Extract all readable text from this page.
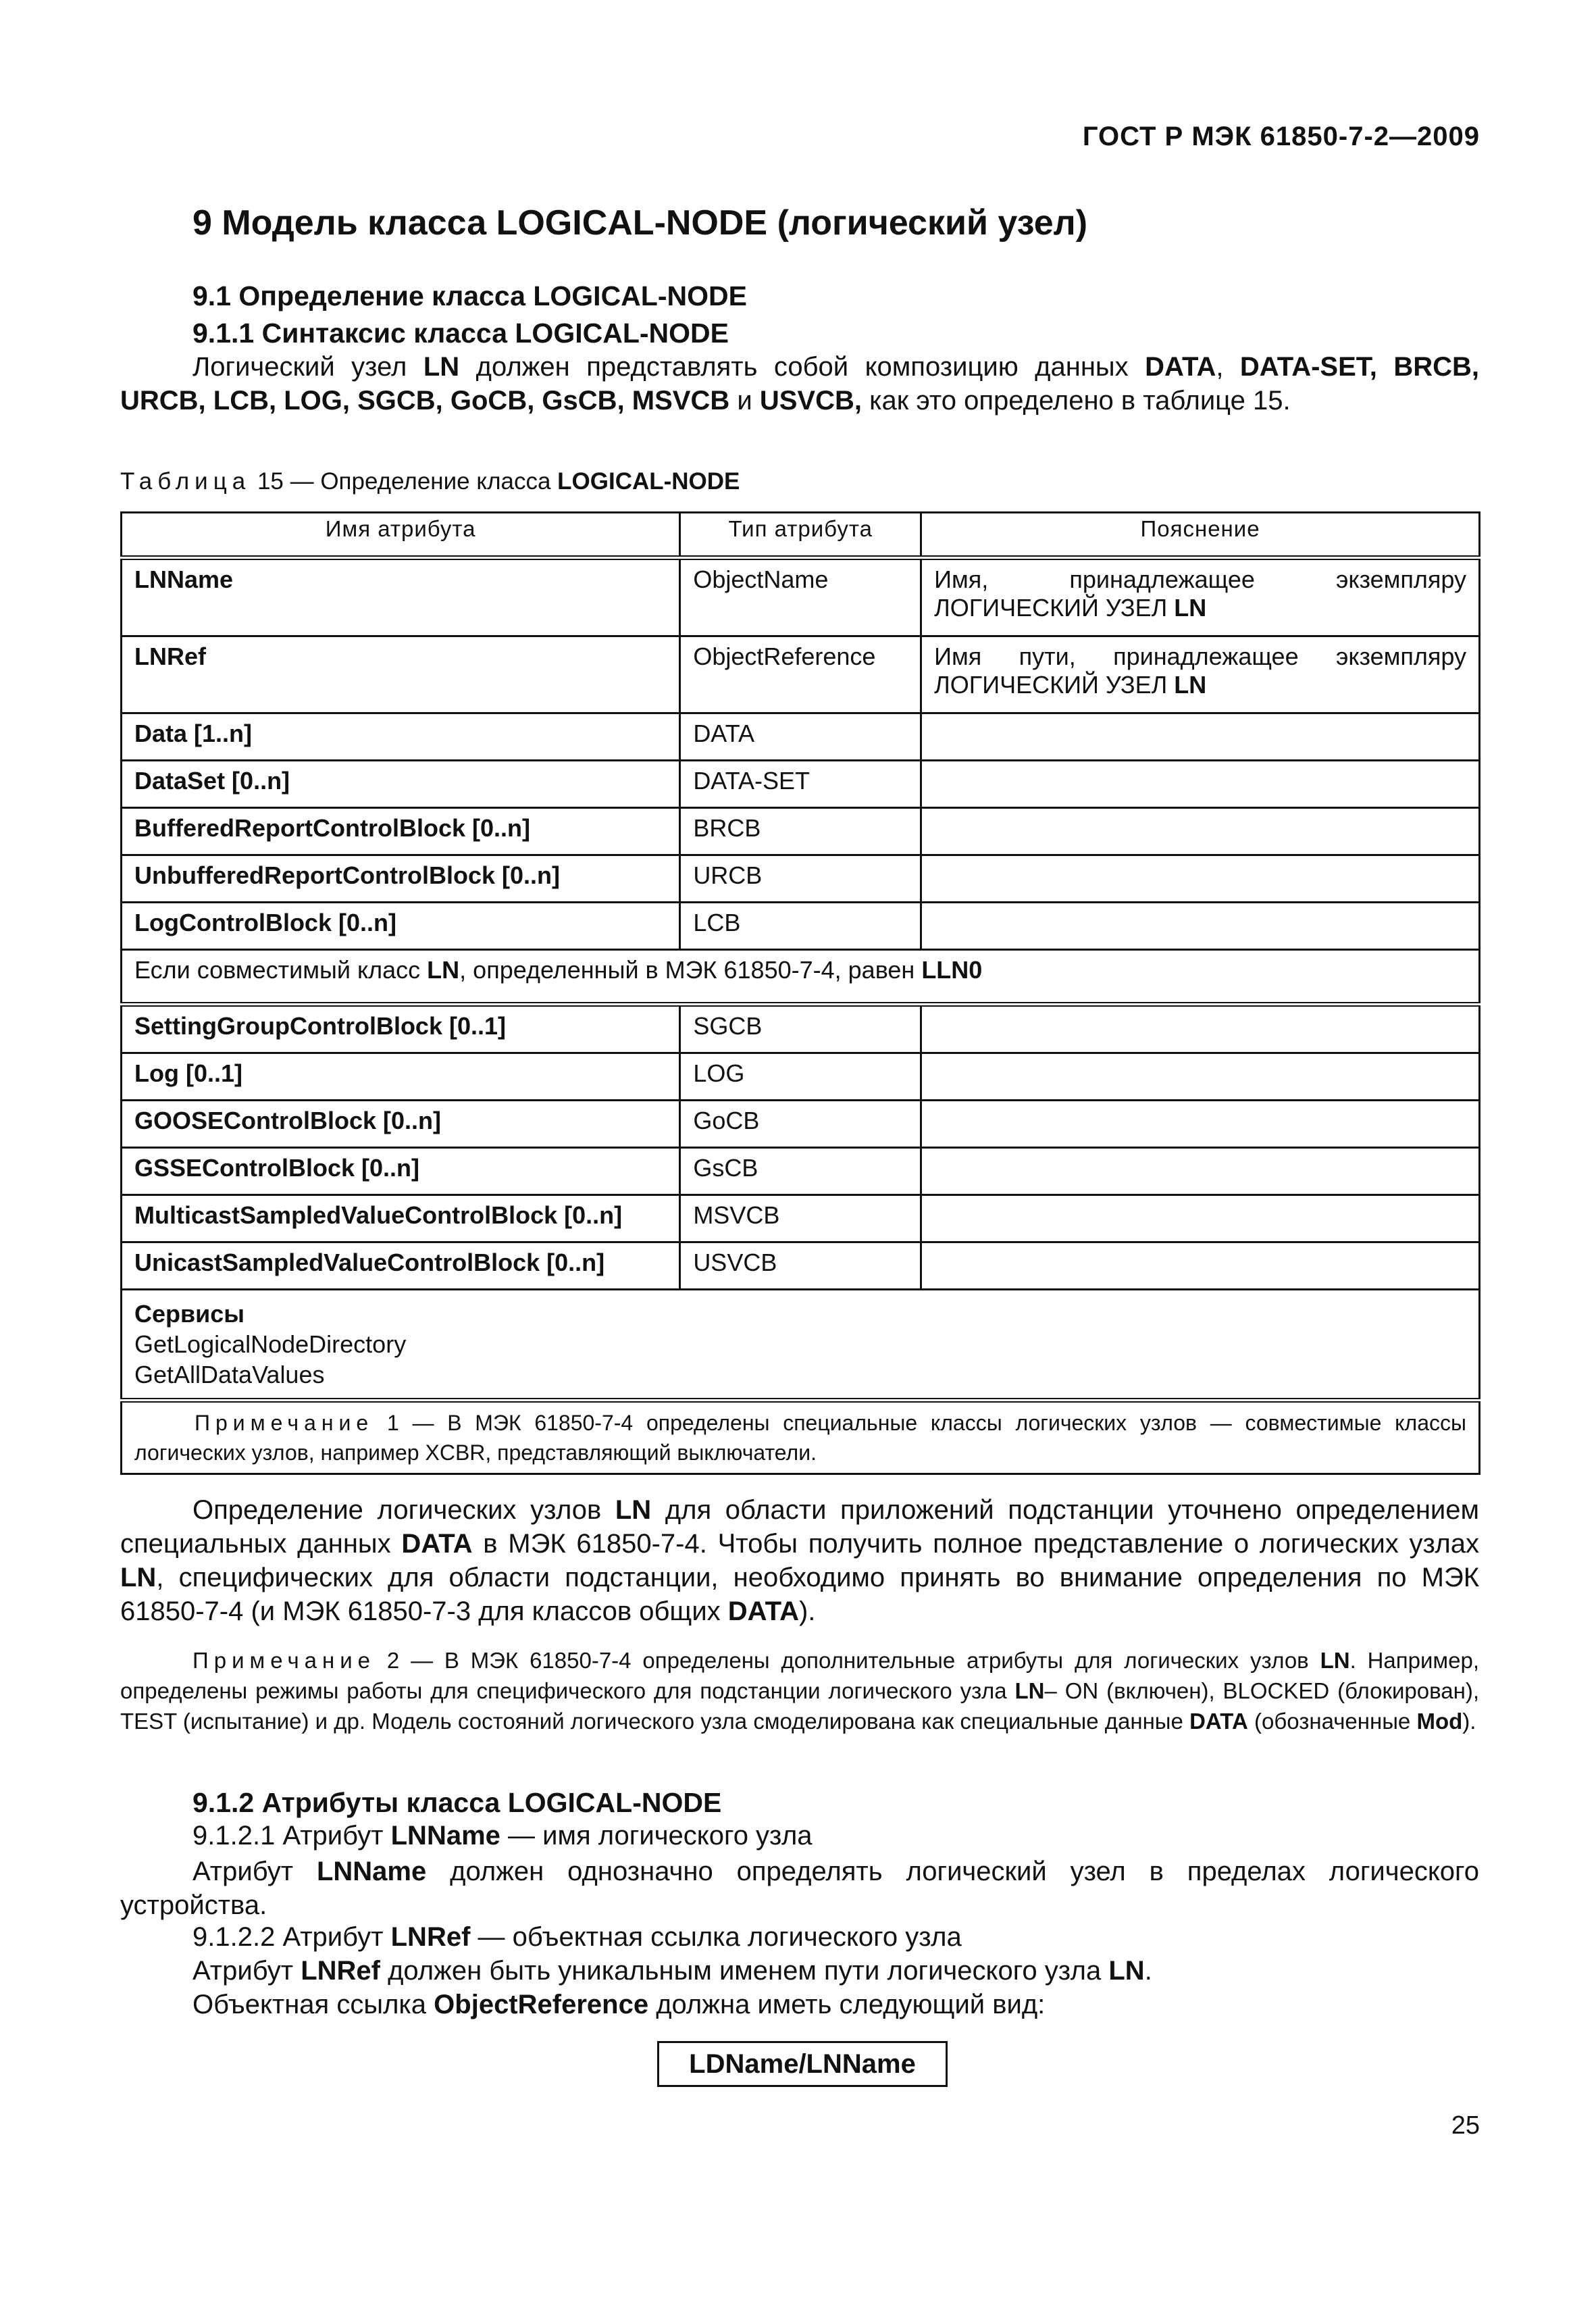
ГОСТ Р МЭК 61850-7-2—2009
9 Модель класса LOGICAL-NODE (логический узел)
9.1 Определение класса LOGICAL-NODE
9.1.1 Синтаксис класса LOGICAL-NODE

Логический узел LN должен представлять собой композицию данных DATA, DATA-SET, BRCB, URCB, LCB, LOG, SGCB, GoCB, GsCB, MSVCB и USVCB, как это определено в таблице 15.

Таблица 15 — Определение класса LOGICAL-NODE
Имя атрибута	Тип атрибута	Пояснение
LNName	ObjectName	Имя, принадлежащее экземпляру ЛОГИЧЕСКИЙ УЗЕЛ LN
LNRef	ObjectReference	Имя пути, принадлежащее экземпляру ЛОГИЧЕСКИЙ УЗЕЛ LN
Data [1..n]	DATA	
DataSet [0..n]	DATA-SET	
BufferedReportControlBlock [0..n]	BRCB	
UnbufferedReportControlBlock [0..n]	URCB	
LogControlBlock [0..n]	LCB	
Если совместимый класс LN, определенный в МЭК 61850-7-4, равен LLN0		
SettingGroupControlBlock [0..1]	SGCB	
Log [0..1]	LOG	
GOOSEControlBlock [0..n]	GoCB	
GSSEControlBlock [0..n]	GsCB	
MulticastSampledValueControlBlock [0..n]	MSVCB	
UnicastSampledValueControlBlock [0..n]	USVCB	

Сервисы
GetLogicalNodeDirectory
GetAllDataValues		

Примечание 1 — В МЭК 61850-7-4 определены специальные классы логических узлов — совместимые классы логических узлов, например XCBR, представляющий выключатели.		

Определение логических узлов LN для области приложений подстанции уточнено определением специальных данных DATA в МЭК 61850-7-4. Чтобы получить полное представление о логических узлах LN, специфических для области подстанции, необходимо принять во внимание определения по МЭК 61850-7-4 (и МЭК 61850-7-3 для классов общих DATA).

Примечание 2 — В МЭК 61850-7-4 определены дополнительные атрибуты для логических узлов LN. Например, определены режимы работы для специфического для подстанции логического узла LN– ON (включен), BLOCKED (блокирован), TEST (испытание) и др. Модель состояний логического узла смоделирована как специальные данные DATA (обозначенные Mod).

9.1.2 Атрибуты класса LOGICAL-NODE
9.1.2.1 Атрибут LNName — имя логического узла

Атрибут LNName должен однозначно определять логический узел в пределах логического устройства.

9.1.2.2 Атрибут LNRef — объектная ссылка логического узла
Атрибут LNRef должен быть уникальным именем пути логического узла LN.
Объектная ссылка ObjectReference должна иметь следующий вид:
LDName/LNName
25
